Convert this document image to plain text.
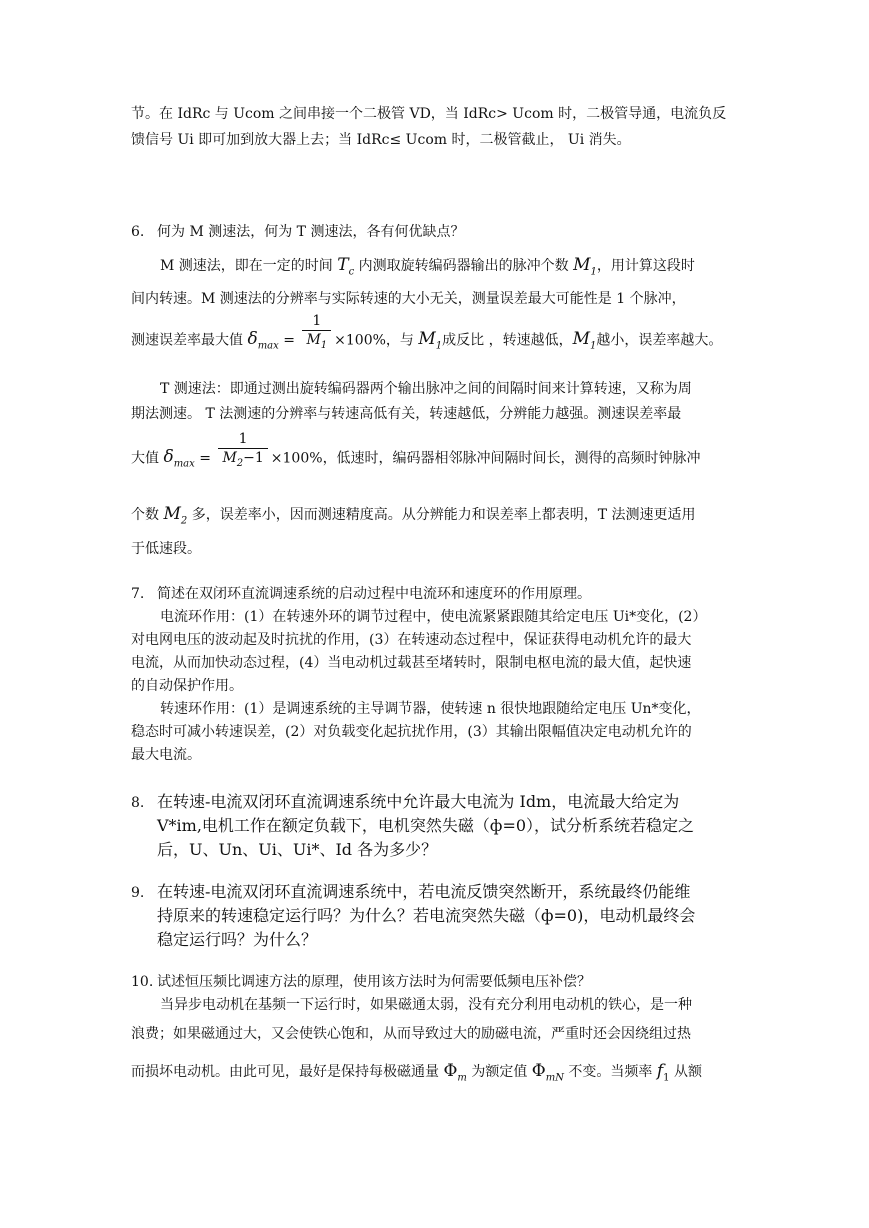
节。在 IdRc 与 Ucom 之间串接一个二极管 VD，当 IdRc> Ucom 时，二极管导通，电流负反
馈信号 Ui 即可加到放大器上去；当 IdRc≤ Ucom 时，二极管截止， Ui 消失。
6. 何为 M 测速法，何为 T 测速法，各有何优缺点？
M 测速法，即在一定的时间 $T_c$ 内测取旋转编码器输出的脉冲个数 $M_1$，用计算这段时
间内转速。M 测速法的分辨率与实际转速的大小无关，测量误差最大可能性是 1 个脉冲，
测速误差率最大值 $\delta_{max} = \frac{1}{M_1} \times 100\%$，与 $M_1$成反比 ，转速越低，$M_1$越小，误差率越大。
T 测速法：即通过测出旋转编码器两个输出脉冲之间的间隔时间来计算转速，又称为周
期法测速。 T 法测速的分辨率与转速高低有关，转速越低，分辨能力越强。测速误差率最
大值 $\delta_{max} = \frac{1}{M_2-1} \times 100\%$，低速时，编码器相邻脉冲间隔时间长，测得的高频时钟脉冲
个数 $M_2$ 多，误差率小，因而测速精度高。从分辨能力和误差率上都表明，T 法测速更适用
于低速段。
7. 简述在双闭环直流调速系统的启动过程中电流环和速度环的作用原理。
电流环作用：(1）在转速外环的调节过程中，使电流紧紧跟随其给定电压 Ui*变化，(2）
对电网电压的波动起及时抗扰的作用，(3）在转速动态过程中，保证获得电动机允许的最大
电流，从而加快动态过程，(4）当电动机过载甚至堵转时，限制电枢电流的最大值，起快速
的自动保护作用。
转速环作用：(1）是调速系统的主导调节器，使转速 n 很快地跟随给定电压 Un*变化，
稳态时可减小转速误差，(2）对负载变化起抗扰作用，(3）其输出限幅值决定电动机允许的
最大电流。
8. 在转速-电流双闭环直流调速系统中允许最大电流为 Idm，电流最大给定为
V*im,电机工作在额定负载下，电机突然失磁（ф=0），试分析系统若稳定之
后，U、Un、Ui、Ui*、Id 各为多少？
9. 在转速-电流双闭环直流调速系统中，若电流反馈突然断开，系统最终仍能维
持原来的转速稳定运行吗？为什么？若电流突然失磁（ф=0)，电动机最终会
稳定运行吗？为什么？
10. 试述恒压频比调速方法的原理，使用该方法时为何需要低频电压补偿？
当异步电动机在基频一下运行时，如果磁通太弱，没有充分利用电动机的铁心，是一种
浪费；如果磁通过大，又会使铁心饱和，从而导致过大的励磁电流，严重时还会因绕组过热
而损坏电动机。由此可见，最好是保持每极磁通量 $\Phi_m$ 为额定值 $\Phi_{mN}$ 不变。当频率 $f_1$ 从额
